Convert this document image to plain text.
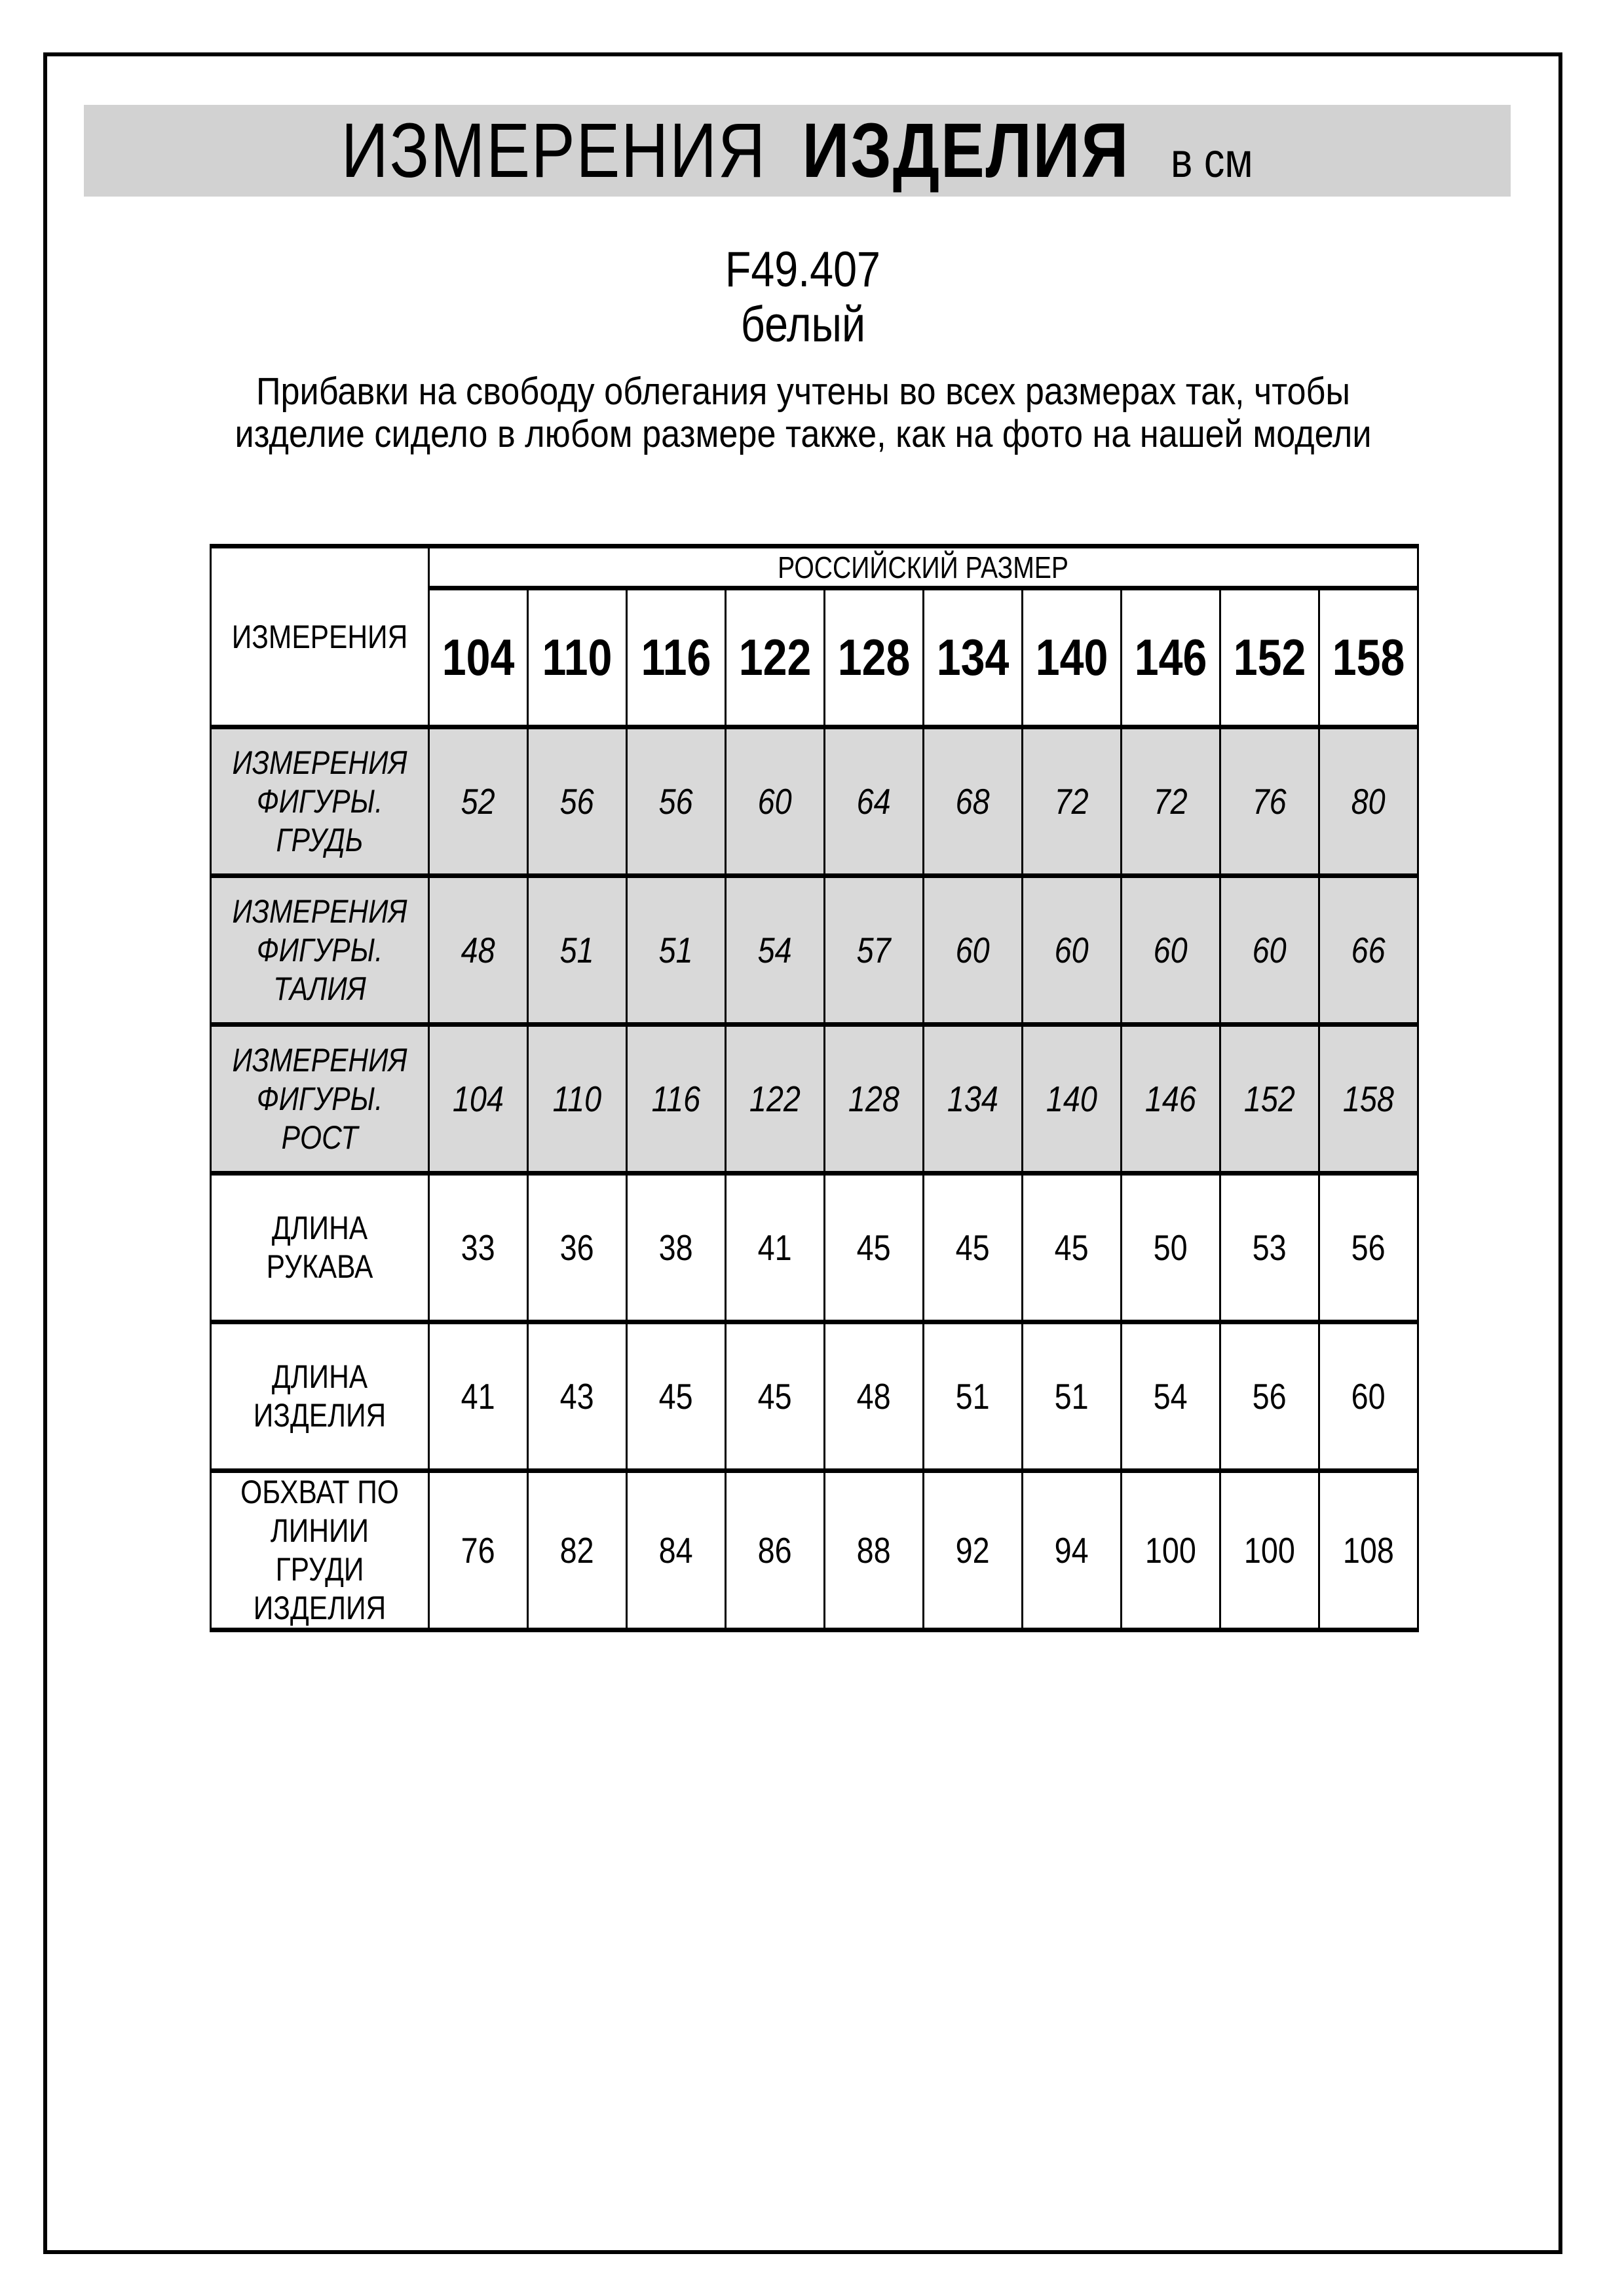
ИЗМЕРЕНИЯ ИЗДЕЛИЯ в см
F49.407
белый
Прибавки на свободу облегания учтены во всех размерах так, чтобы изделие сидело в любом размере также, как на фото на нашей модели
ИЗМЕРЕНИЯ	РОССИЙСКИЙ РАЗМЕР									
	104	110	116	122	128	134	140	146	152	158
ИЗМЕРЕНИЯ ФИГУРЫ. ГРУДЬ	52	56	56	60	64	68	72	72	76	80
ИЗМЕРЕНИЯ ФИГУРЫ. ТАЛИЯ	48	51	51	54	57	60	60	60	60	66
ИЗМЕРЕНИЯ ФИГУРЫ. РОСТ	104	110	116	122	128	134	140	146	152	158
ДЛИНА РУКАВА	33	36	38	41	45	45	45	50	53	56
ДЛИНА ИЗДЕЛИЯ	41	43	45	45	48	51	51	54	56	60
ОБХВАТ ПО ЛИНИИ ГРУДИ ИЗДЕЛИЯ	76	82	84	86	88	92	94	100	100	108
